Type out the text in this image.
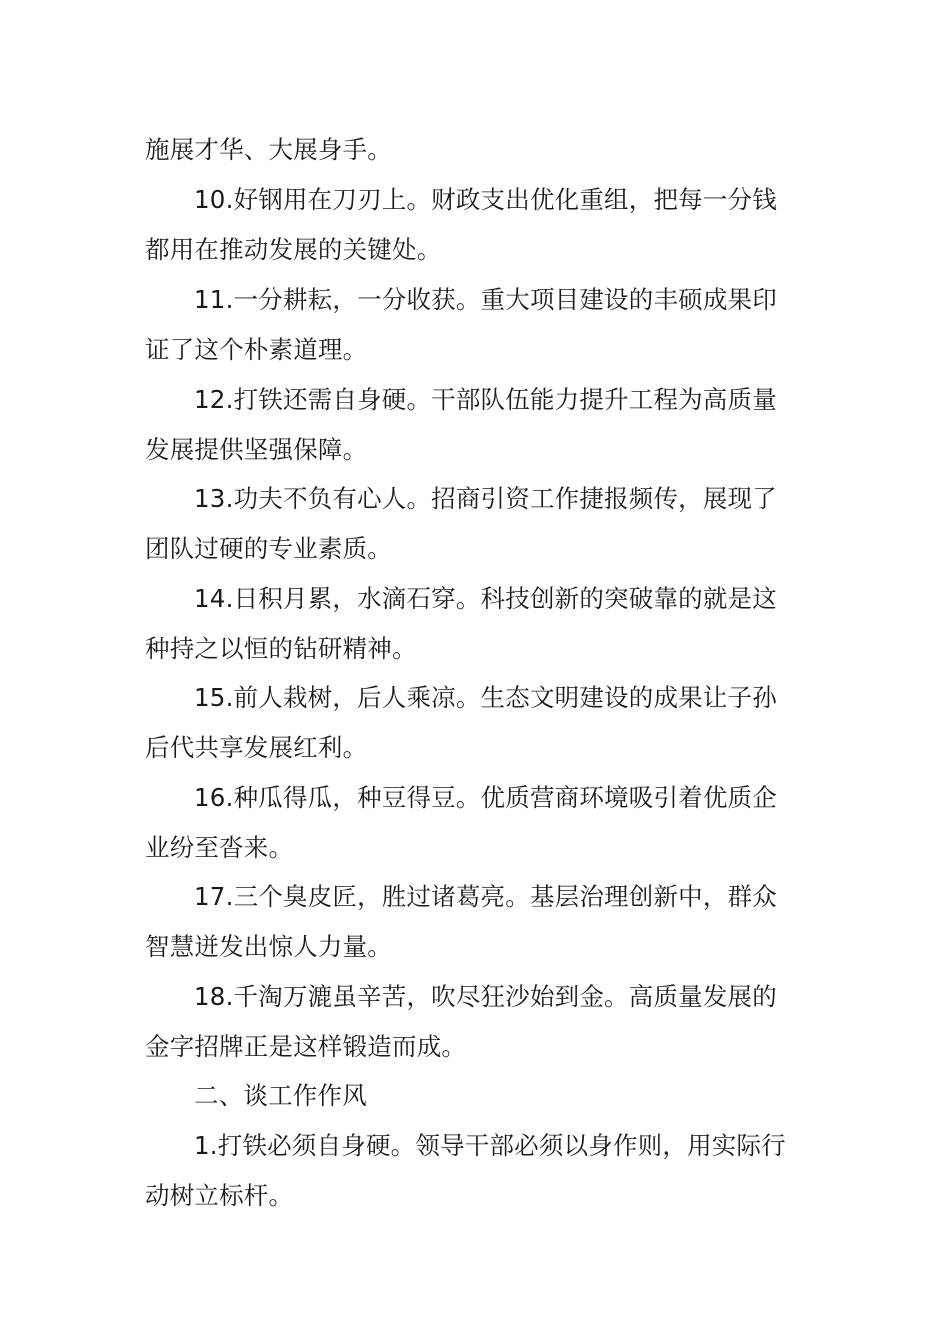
施展才华、大展身手。
10.好钢用在刀刃上。财政支出优化重组，把每一分钱
都用在推动发展的关键处。
11.一分耕耘，一分收获。重大项目建设的丰硕成果印
证了这个朴素道理。
12.打铁还需自身硬。干部队伍能力提升工程为高质量
发展提供坚强保障。
13.功夫不负有心人。招商引资工作捷报频传，展现了
团队过硬的专业素质。
14.日积月累，水滴石穿。科技创新的突破靠的就是这
种持之以恒的钻研精神。
15.前人栽树，后人乘凉。生态文明建设的成果让子孙
后代共享发展红利。
16.种瓜得瓜，种豆得豆。优质营商环境吸引着优质企
业纷至沓来。
17.三个臭皮匠，胜过诸葛亮。基层治理创新中，群众
智慧迸发出惊人力量。
18.千淘万漉虽辛苦，吹尽狂沙始到金。高质量发展的
金字招牌正是这样锻造而成。
二、谈工作作风
1.打铁必须自身硬。领导干部必须以身作则，用实际行
动树立标杆。
